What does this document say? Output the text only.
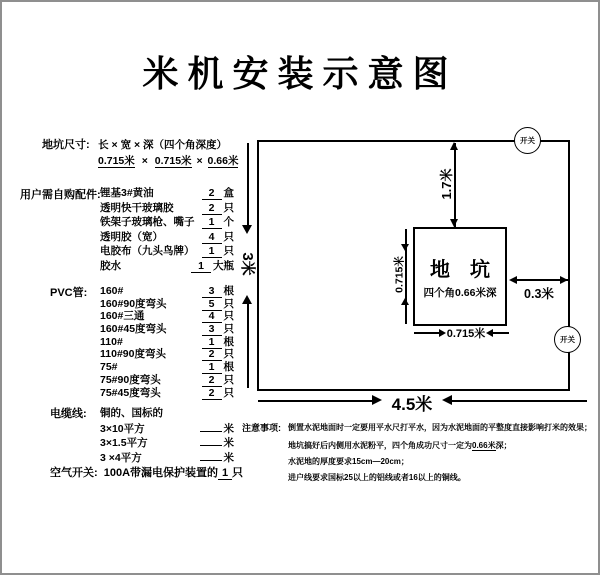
米机安装示意图
地坑尺寸: 长 × 宽 × 深（四个角深度）
0.715米 × 0.715米 × 0.66米
用户需自购配件: 锂基3#黄油	2 盒
透明快干玻璃胶	2 只
铁架子玻璃枪、嘴子	1 个
透明胶（宽）	4 只
电胶布（九头鸟牌）	1 只
胶水	1 大瓶
PVC管: 160#	3 根
160#90度弯头	5 只
160#三通	4 只
160#45度弯头	3 只
110#	1 根
110#90度弯头	2 只
75#	1 根
75#90度弯头	2 只
75#45度弯头	2 只
电缆线: 铜的、国标的
3×10平方	米
3×1.5平方	米
3 ×4平方	米
空气开关: 100A带漏电保护装置的 1 只
地　坑
四个角0.66米深
3米
1.7米
0.715米
0.715米
0.3米
4.5米
开关
开关
注意事项: 倒置水泥地面时一定要用平水尺打平水，因为水泥地面的平整度直接影响打米的效果；
地坑搞好后内侧用水泥粉平，四个角成功尺寸一定为0.66米深；
水泥地的厚度要求15cm—20cm；
进户线要求国标25以上的铝线或者16以上的铜线。
